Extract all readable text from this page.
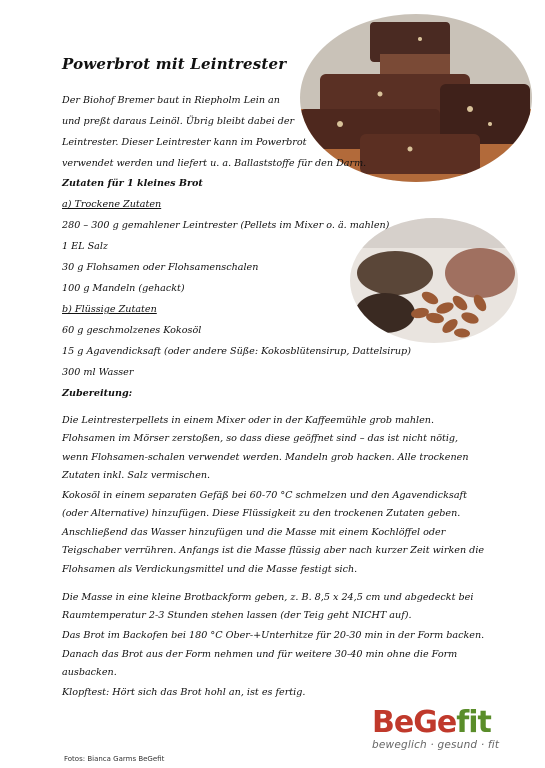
Powerbrot mit Leintrester
Der Biohof Bremer baut in Riepholm Lein an
und preßt daraus Leinöl. Übrig bleibt dabei der
Leintrester. Dieser Leintrester kann im Powerbrot
verwendet werden und liefert u. a. Ballaststoffe für den Darm.
Zutaten für 1 kleines Brot
a) Trockene Zutaten
280 – 300 g gemahlener Leintrester (Pellets im Mixer o. ä. mahlen)
1 EL Salz
30 g Flohsamen oder Flohsamenschalen
100 g Mandeln (gehackt)
b) Flüssige Zutaten
60 g geschmolzenes Kokosöl
15 g Agavendicksaft (oder andere Süße: Kokosblütensirup, Dattelsirup)
300 ml Wasser
Zubereitung:
Die Leintresterpellets in einem Mixer oder in der Kaffeemühle grob mahlen. Flohsamen im Mörser zerstoßen, so dass diese geöffnet sind – das ist nicht nötig, wenn Flohsamen-schalen verwendet werden. Mandeln grob hacken. Alle trockenen Zutaten inkl. Salz vermischen.
Kokosöl in einem separaten Gefäß bei 60-70 °C schmelzen und den Agavendicksaft (oder Alternative) hinzufügen. Diese Flüssigkeit zu den trockenen Zutaten geben. Anschließend das Wasser hinzufügen und die Masse mit einem Kochlöffel oder Teigschaber verrühren. Anfangs ist die Masse flüssig aber nach kurzer Zeit wirken die Flohsamen als Verdickungsmittel und die Masse festigt sich.
Die Masse in eine kleine Brotbackform geben, z. B. 8,5 x 24,5 cm und abgedeckt bei Raumtemperatur 2-3 Stunden stehen lassen (der Teig geht NICHT auf).
Das Brot im Backofen bei 180 °C Ober-+Unterhitze für 20-30 min in der Form backen.
Danach das Brot aus der Form nehmen und für weitere 30-40 min ohne die Form ausbacken.
Klopftest: Hört sich das Brot hohl an, ist es fertig.
BeGefit
beweglich · gesund · fit
Fotos: Bianca Garms BeGefit
